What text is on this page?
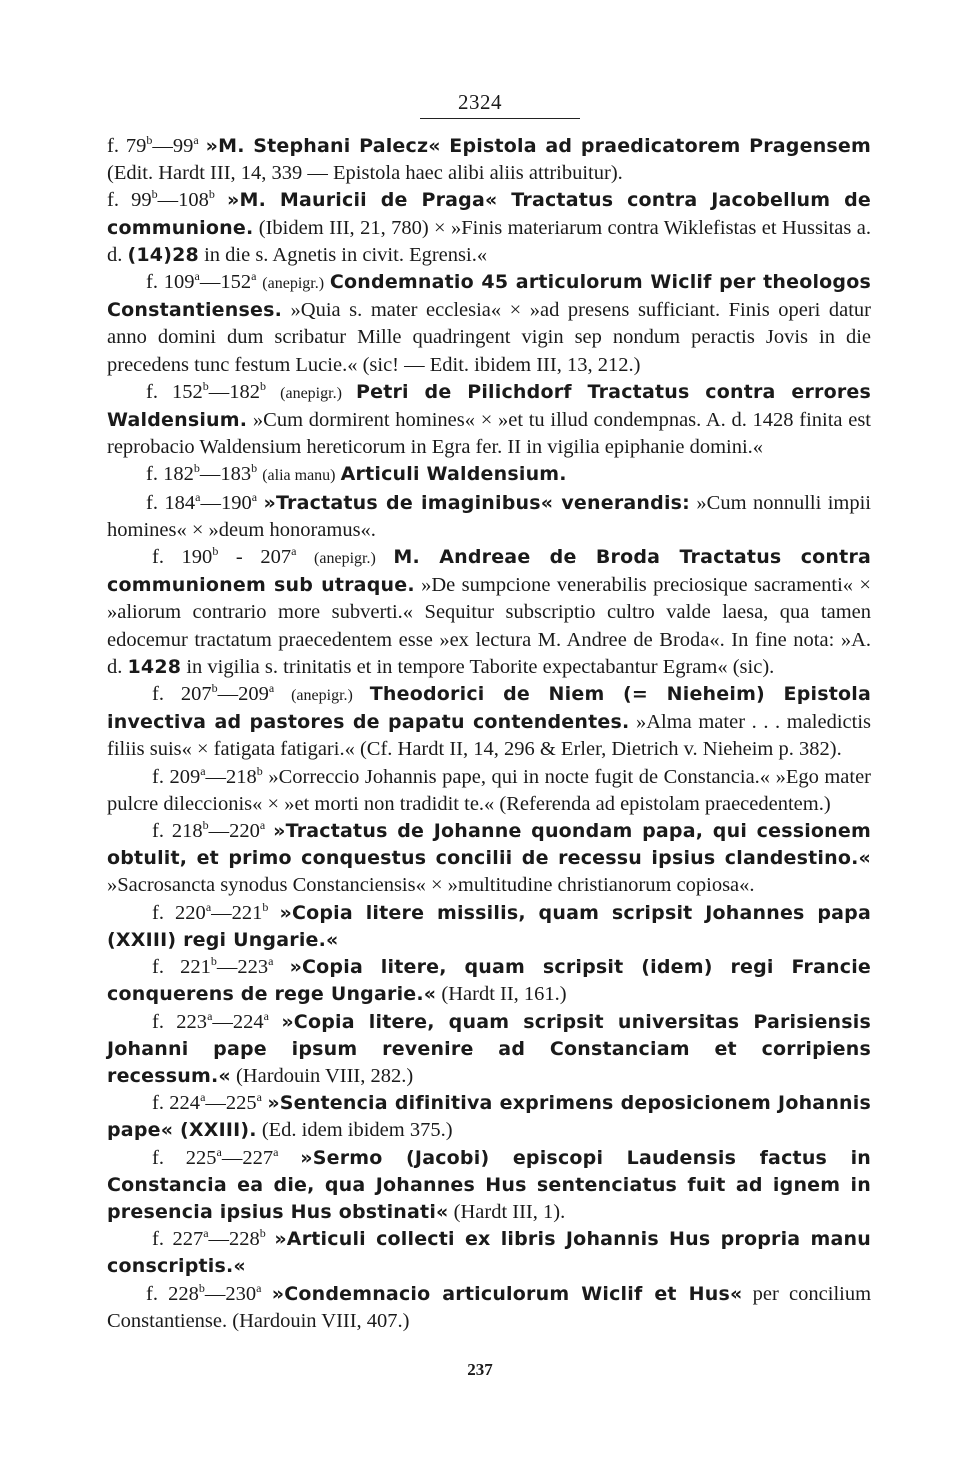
2324

f. 79$^b$—99$^a$ »M. Stephani Palecz« Epistola ad praedicatorem Pragensem (Edit. Hardt III, 14, 339 — Epistola haec alibi aliis attribuitur).

f. 99$^b$—108$^b$ »M. Mauricii de Praga« Tractatus contra Jacobellum de communione. (Ibidem III, 21, 780) × »Finis materiarum contra Wiklefistas et Hussitas a. d. (14)28 in die s. Agnetis in civit. Egrensi.«

f. 109$^a$—152$^a$ (anepigr.) Condemnatio 45 articulorum Wiclif per theologos Constantienses. »Quia s. mater ecclesia« × »ad presens sufficiant. Finis operi datur anno domini dum scribatur Mille quadringent vigin sep nondum peractis Jovis in die precedens tunc festum Lucie.« (sic! — Edit. ibidem III, 13, 212.)

f. 152$^b$—182$^b$ (anepigr.) Petri de Pilichdorf Tractatus contra errores Waldensium. »Cum dormirent homines« × »et tu illud condempnas. A. d. 1428 finita est reprobacio Waldensium hereticorum in Egra fer. II in vigilia epiphanie domini.«

f. 182$^b$—183$^b$ (alia manu) Articuli Waldensium.

f. 184$^a$—190$^a$ »Tractatus de imaginibus« venerandis: »Cum nonnulli impii homines« × »deum honoramus«.

f. 190$^b$ - 207$^a$ (anepigr.) M. Andreae de Broda Tractatus contra communionem sub utraque. »De sumpcione venerabilis preciosique sacramenti« × »aliorum contrario more subverti.« Sequitur subscriptio cultro valde laesa, qua tamen edocemur tractatum praecedentem esse »ex lectura M. Andree de Broda«. In fine nota: »A. d. 1428 in vigilia s. trinitatis et in tempore Taborite expectabantur Egram« (sic).

f. 207$^b$—209$^a$ (anepigr.) Theodorici de Niem (= Nieheim) Epistola invectiva ad pastores de papatu contendentes. »Alma mater . . . maledictis filiis suis« × fatigata fatigari.« (Cf. Hardt II, 14, 296 & Erler, Dietrich v. Nieheim p. 382).

f. 209$^a$—218$^b$ »Correccio Johannis pape, qui in nocte fugit de Constancia.« »Ego mater pulcre dileccionis« × »et morti non tradidit te.« (Referenda ad epistolam praecedentem.)

f. 218$^b$—220$^a$ »Tractatus de Johanne quondam papa, qui cessionem obtulit, et primo conquestus concilii de recessu ipsius clandestino.« »Sacrosancta synodus Constanciensis« × »multitudine christianorum copiosa«.

f. 220$^a$—221$^b$ »Copia litere missilis, quam scripsit Johannes papa (XXIII) regi Ungarie.«

f. 221$^b$—223$^a$ »Copia litere, quam scripsit (idem) regi Francie conquerens de rege Ungarie.« (Hardt II, 161.)

f. 223$^a$—224$^a$ »Copia litere, quam scripsit universitas Parisiensis Johanni pape ipsum revenire ad Constanciam et corripiens recessum.« (Hardouin VIII, 282.)

f. 224$^a$—225$^a$ »Sentencia difinitiva exprimens deposicionem Johannis pape« (XXIII). (Ed. idem ibidem 375.)

f. 225$^a$—227$^a$ »Sermo (Jacobi) episcopi Laudensis factus in Constancia ea die, qua Johannes Hus sentenciatus fuit ad ignem in presencia ipsius Hus obstinati« (Hardt III, 1).

f. 227$^a$—228$^b$ »Articuli collecti ex libris Johannis Hus propria manu conscriptis.«

f. 228$^b$—230$^a$ »Condemnacio articulorum Wiclif et Hus« per concilium Constantiense. (Hardouin VIII, 407.)

237
